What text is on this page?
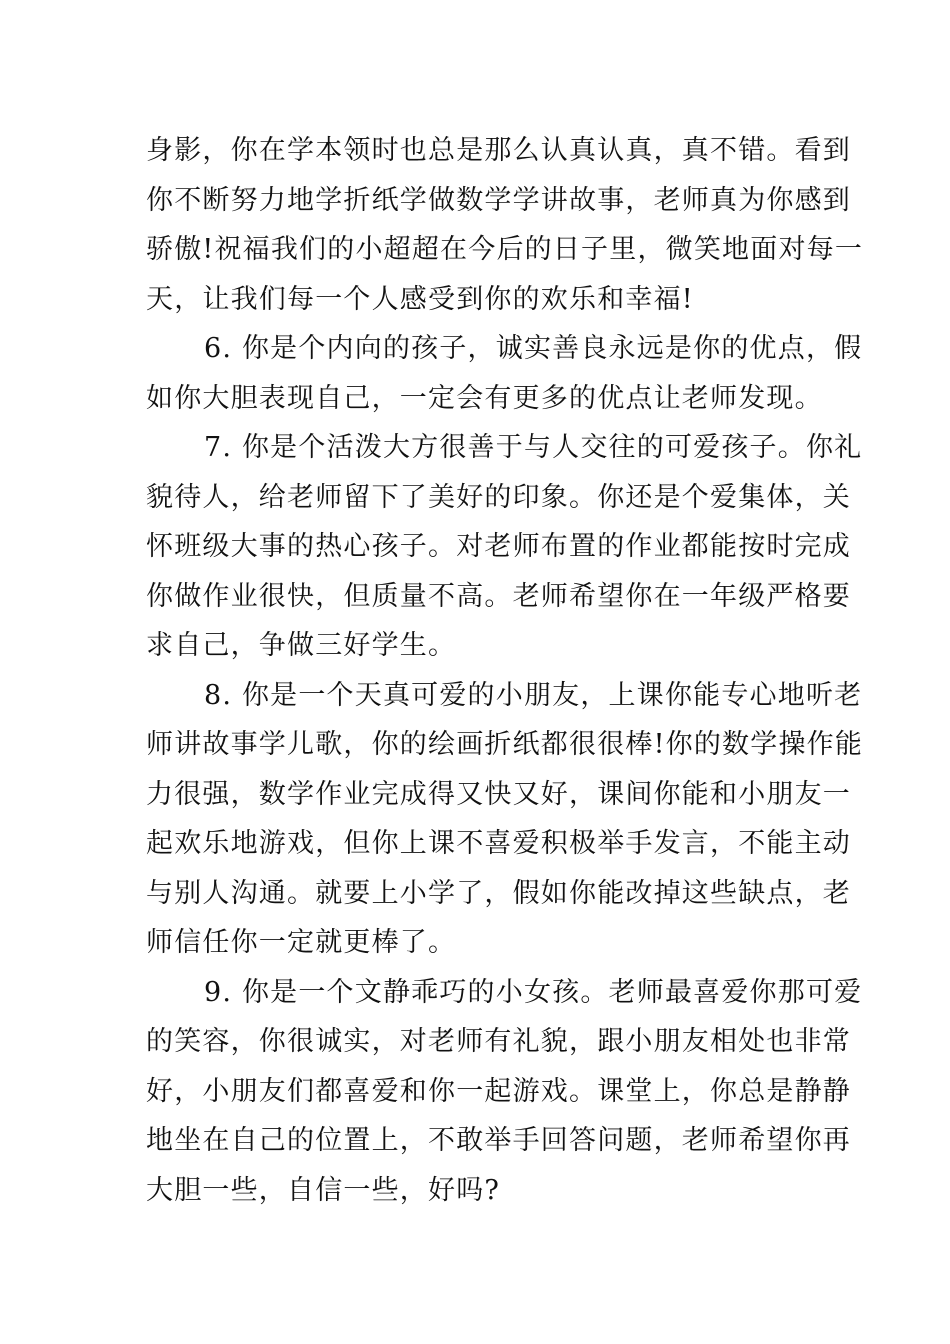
身影，你在学本领时也总是那么认真认真，真不错。看到
你不断努力地学折纸学做数学学讲故事，老师真为你感到
骄傲!祝福我们的小超超在今后的日子里，微笑地面对每一
天，让我们每一个人感受到你的欢乐和幸福!
6. 你是个内向的孩子，诚实善良永远是你的优点，假
如你大胆表现自己，一定会有更多的优点让老师发现。
7. 你是个活泼大方很善于与人交往的可爱孩子。你礼
貌待人，给老师留下了美好的印象。你还是个爱集体，关
怀班级大事的热心孩子。对老师布置的作业都能按时完成
你做作业很快，但质量不高。老师希望你在一年级严格要
求自己，争做三好学生。
8. 你是一个天真可爱的小朋友，上课你能专心地听老
师讲故事学儿歌，你的绘画折纸都很很棒!你的数学操作能
力很强，数学作业完成得又快又好，课间你能和小朋友一
起欢乐地游戏，但你上课不喜爱积极举手发言，不能主动
与别人沟通。就要上小学了，假如你能改掉这些缺点，老
师信任你一定就更棒了。
9. 你是一个文静乖巧的小女孩。老师最喜爱你那可爱
的笑容，你很诚实，对老师有礼貌，跟小朋友相处也非常
好，小朋友们都喜爱和你一起游戏。课堂上，你总是静静
地坐在自己的位置上，不敢举手回答问题，老师希望你再
大胆一些，自信一些，好吗?
